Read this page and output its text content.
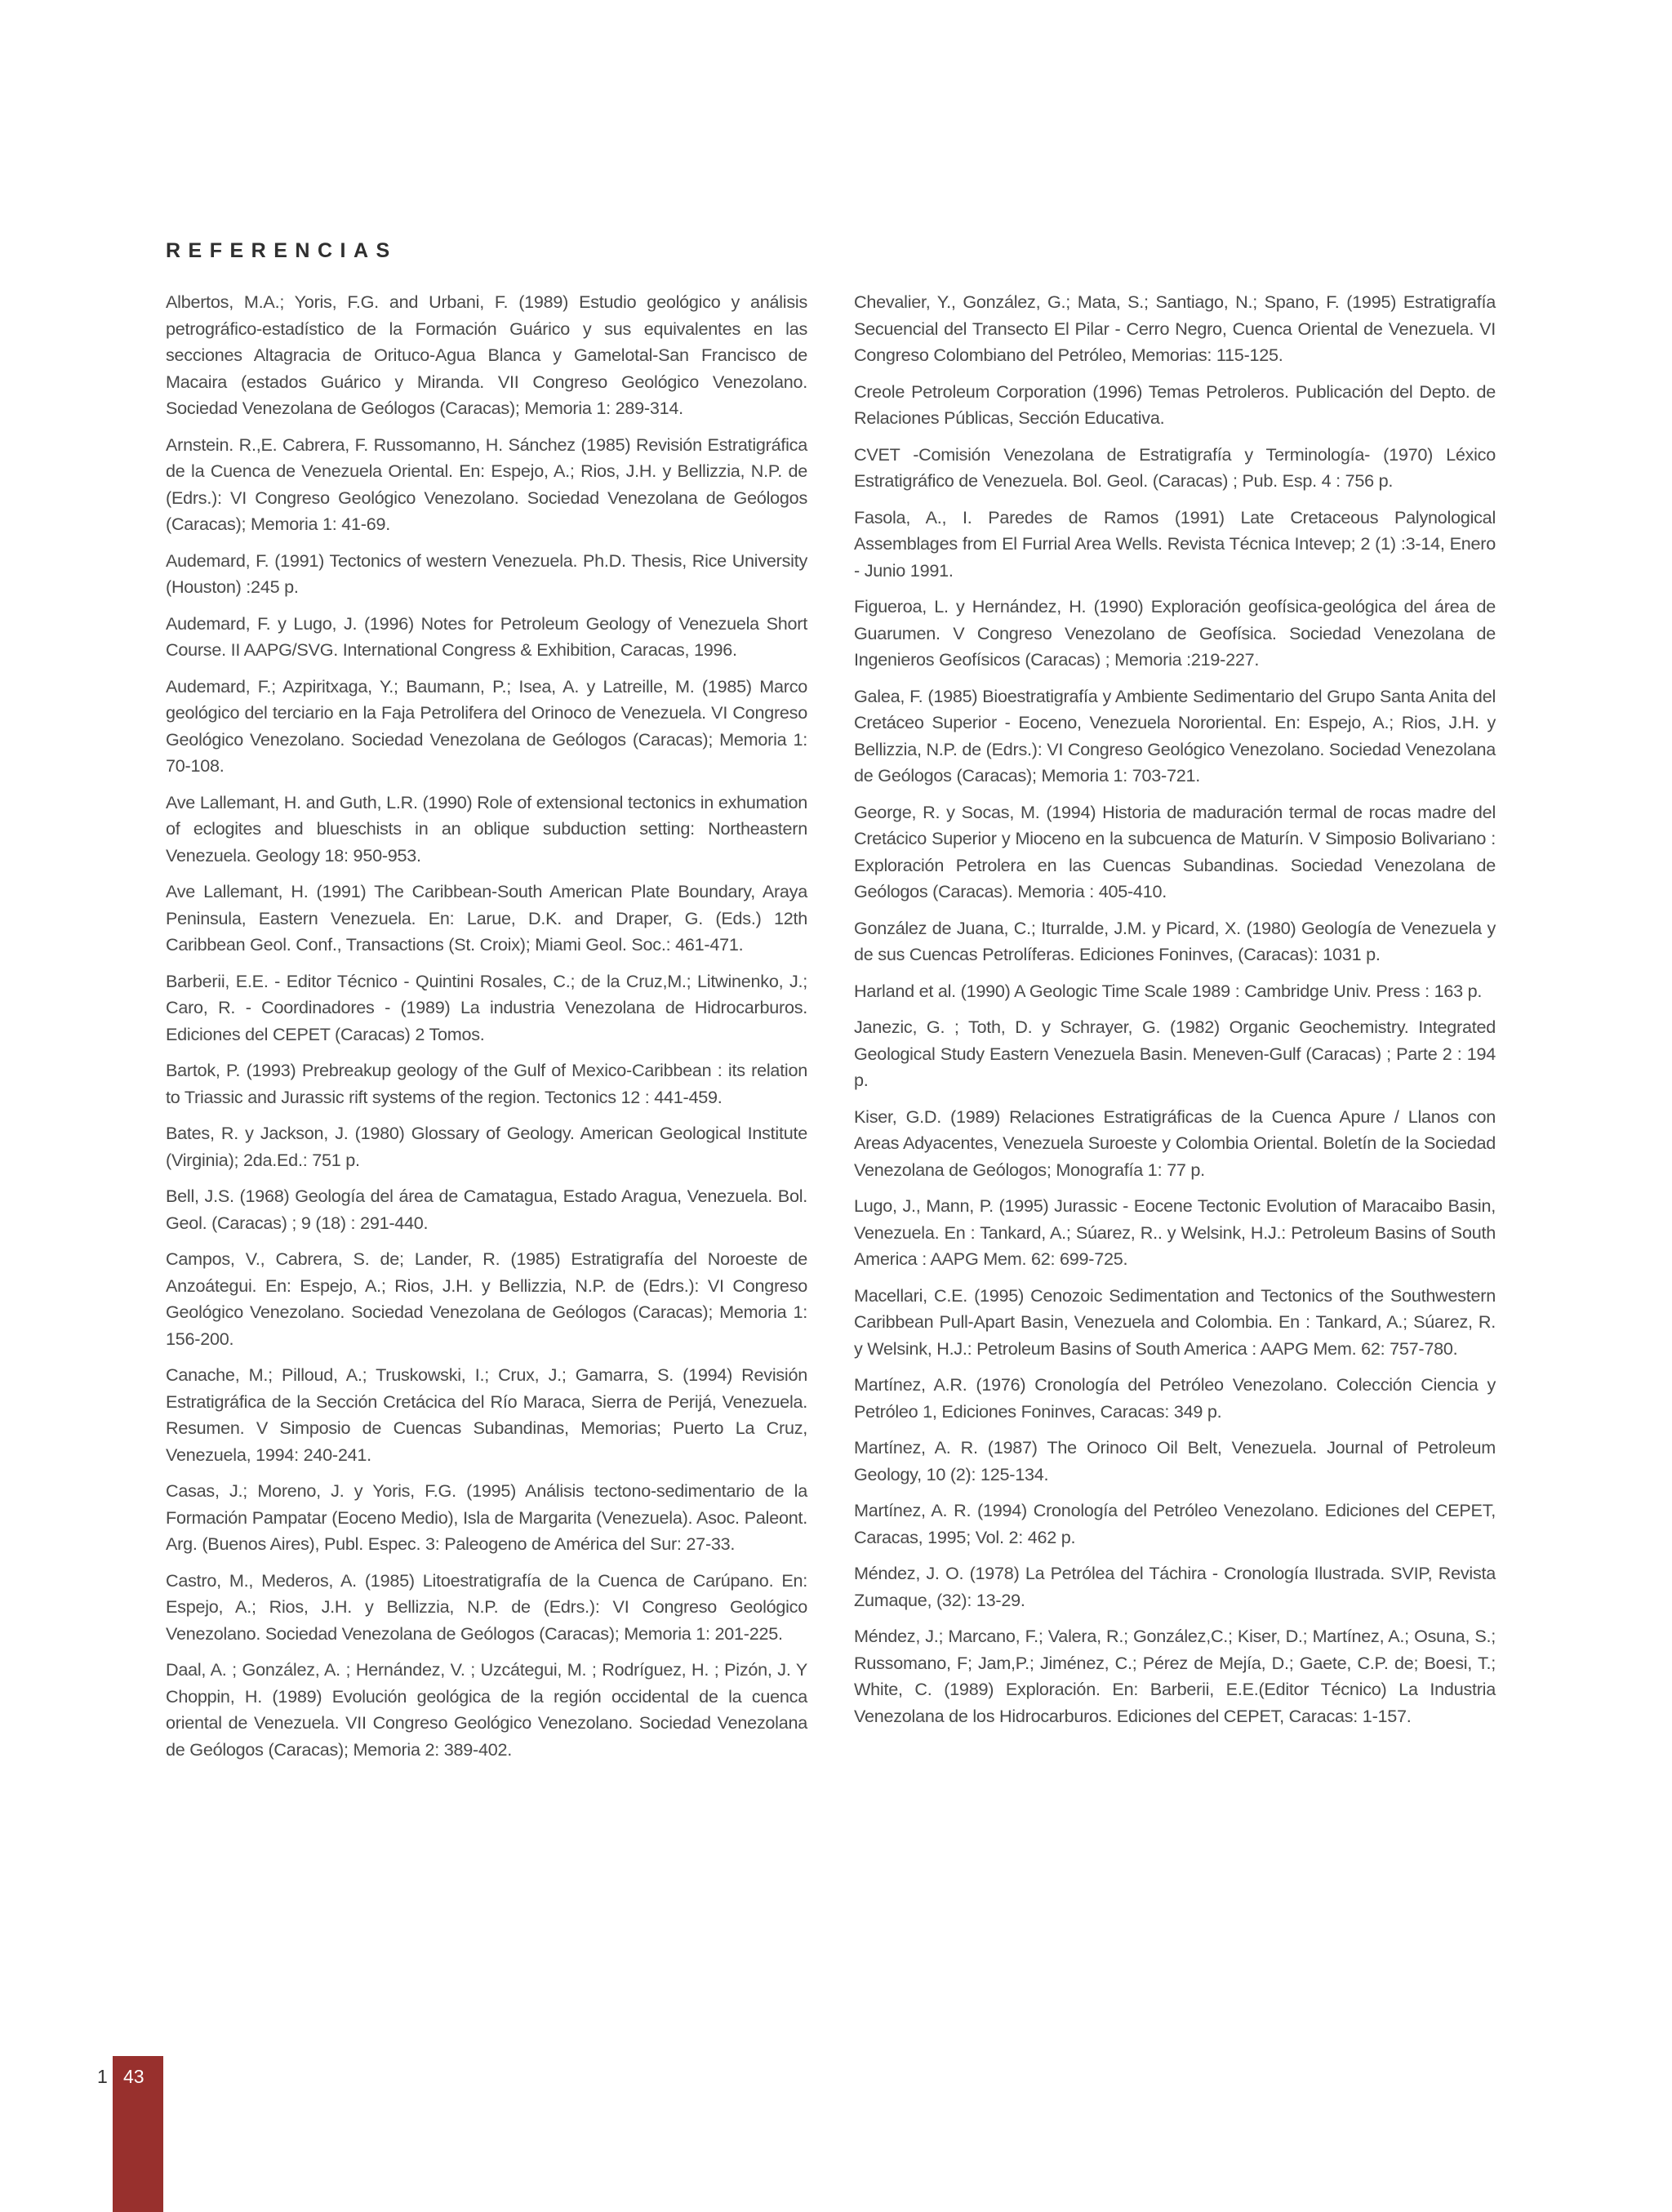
REFERENCIAS

Albertos, M.A.; Yoris, F.G. and Urbani, F. (1989) Estudio geológico y análisis petrográfico-estadístico de la Formación Guárico y sus equivalentes en las secciones Altagracia de Orituco-Agua Blanca y Gamelotal-San Francisco de Macaira (estados Guárico y Miranda. VII Congreso Geológico Venezolano. Sociedad Venezolana de Geólogos (Caracas); Memoria 1: 289-314.

Arnstein. R.,E. Cabrera, F. Russomanno, H. Sánchez (1985) Revisión Estratigráfica de la Cuenca de Venezuela Oriental. En: Espejo, A.; Rios, J.H. y Bellizzia, N.P. de (Edrs.): VI Congreso Geológico Venezolano. Sociedad Venezolana de Geólogos (Caracas); Memoria 1: 41-69.

Audemard, F. (1991) Tectonics of western Venezuela. Ph.D. Thesis, Rice University (Houston) :245 p.

Audemard, F. y Lugo, J. (1996) Notes for Petroleum Geology of Venezuela Short Course. II AAPG/SVG. International Congress & Exhibition, Caracas, 1996.

Audemard, F.; Azpiritxaga, Y.; Baumann, P.; Isea, A. y Latreille, M. (1985) Marco geológico del terciario en la Faja Petrolifera del Orinoco de Venezuela. VI Congreso Geológico Venezolano. Sociedad Venezolana de Geólogos (Caracas); Memoria 1: 70-108.

Ave Lallemant, H. and Guth, L.R. (1990) Role of extensional tectonics in exhumation of eclogites and blueschists in an oblique subduction setting: Northeastern Venezuela. Geology 18: 950-953.

Ave Lallemant, H. (1991) The Caribbean-South American Plate Boundary, Araya Peninsula, Eastern Venezuela. En: Larue, D.K. and Draper, G. (Eds.) 12th Caribbean Geol. Conf., Transactions (St. Croix); Miami Geol. Soc.: 461-471.

Barberii, E.E. - Editor Técnico - Quintini Rosales, C.; de la Cruz,M.; Litwinenko, J.; Caro, R. - Coordinadores - (1989) La industria Venezolana de Hidrocarburos. Ediciones del CEPET (Caracas) 2 Tomos.

Bartok, P. (1993) Prebreakup geology of the Gulf of Mexico-Caribbean : its relation to Triassic and Jurassic rift systems of the region. Tectonics 12 : 441-459.

Bates, R. y Jackson, J. (1980) Glossary of Geology. American Geological Institute (Virginia); 2da.Ed.: 751 p.

Bell, J.S. (1968) Geología del área de Camatagua, Estado Aragua, Venezuela. Bol. Geol. (Caracas) ; 9 (18) : 291-440.

Campos, V., Cabrera, S. de; Lander, R. (1985) Estratigrafía del Noroeste de Anzoátegui. En: Espejo, A.; Rios, J.H. y Bellizzia, N.P. de (Edrs.): VI Congreso Geológico Venezolano. Sociedad Venezolana de Geólogos (Caracas); Memoria 1: 156-200.

Canache, M.; Pilloud, A.; Truskowski, I.; Crux, J.; Gamarra, S. (1994) Revisión Estratigráfica de la Sección Cretácica del Río Maraca, Sierra de Perijá, Venezuela. Resumen. V Simposio de Cuencas Subandinas, Memorias; Puerto La Cruz, Venezuela, 1994: 240-241.

Casas, J.; Moreno, J. y Yoris, F.G. (1995) Análisis tectono-sedimentario de la Formación Pampatar (Eoceno Medio), Isla de Margarita (Venezuela). Asoc. Paleont. Arg. (Buenos Aires), Publ. Espec. 3: Paleogeno de América del Sur: 27-33.

Castro, M., Mederos, A. (1985) Litoestratigrafía de la Cuenca de Carúpano. En: Espejo, A.; Rios, J.H. y Bellizzia, N.P. de (Edrs.): VI Congreso Geológico Venezolano. Sociedad Venezolana de Geólogos (Caracas); Memoria 1: 201-225.

Daal, A. ; González, A. ; Hernández, V. ; Uzcátegui, M. ; Rodríguez, H. ; Pizón, J. Y Choppin, H. (1989) Evolución geológica de la región occidental de la cuenca oriental de Venezuela. VII Congreso Geológico Venezolano. Sociedad Venezolana de Geólogos (Caracas); Memoria 2: 389-402.

Chevalier, Y., González, G.; Mata, S.; Santiago, N.; Spano, F. (1995) Estratigrafía Secuencial del Transecto El Pilar - Cerro Negro, Cuenca Oriental de Venezuela. VI Congreso Colombiano del Petróleo, Memorias: 115-125.

Creole Petroleum Corporation (1996) Temas Petroleros. Publicación del Depto. de Relaciones Públicas, Sección Educativa.

CVET -Comisión Venezolana de Estratigrafía y Terminología- (1970) Léxico Estratigráfico de Venezuela. Bol. Geol. (Caracas) ; Pub. Esp. 4 : 756 p.

Fasola, A., I. Paredes de Ramos (1991) Late Cretaceous Palynological Assemblages from El Furrial Area Wells. Revista Técnica Intevep; 2 (1) :3-14, Enero - Junio 1991.

Figueroa, L. y Hernández, H. (1990) Exploración geofísica-geológica del área de Guarumen. V Congreso Venezolano de Geofísica. Sociedad Venezolana de Ingenieros Geofísicos (Caracas) ; Memoria :219-227.

Galea, F. (1985) Bioestratigrafía y Ambiente Sedimentario del Grupo Santa Anita del Cretáceo Superior - Eoceno, Venezuela Nororiental. En: Espejo, A.; Rios, J.H. y Bellizzia, N.P. de (Edrs.): VI Congreso Geológico Venezolano. Sociedad Venezolana de Geólogos (Caracas); Memoria 1: 703-721.

George, R. y Socas, M. (1994) Historia de maduración termal de rocas madre del Cretácico Superior y Mioceno en la subcuenca de Maturín. V Simposio Bolivariano : Exploración Petrolera en las Cuencas Subandinas. Sociedad Venezolana de Geólogos (Caracas). Memoria : 405-410.

González de Juana, C.; Iturralde, J.M. y Picard, X. (1980) Geología de Venezuela y de sus Cuencas Petrolíferas. Ediciones Foninves, (Caracas): 1031 p.

Harland et al. (1990) A Geologic Time Scale 1989 : Cambridge Univ. Press : 163 p.

Janezic, G. ; Toth, D. y Schrayer, G. (1982) Organic Geochemistry. Integrated Geological Study Eastern Venezuela Basin. Meneven-Gulf (Caracas) ; Parte 2 : 194 p.

Kiser, G.D. (1989) Relaciones Estratigráficas de la Cuenca Apure / Llanos con Areas Adyacentes, Venezuela Suroeste y Colombia Oriental. Boletín de la Sociedad Venezolana de Geólogos; Monografía 1: 77 p.

Lugo, J., Mann, P. (1995) Jurassic - Eocene Tectonic Evolution of Maracaibo Basin, Venezuela. En : Tankard, A.; Súarez, R.. y Welsink, H.J.: Petroleum Basins of South America : AAPG Mem. 62: 699-725.

Macellari, C.E. (1995) Cenozoic Sedimentation and Tectonics of the Southwestern Caribbean Pull-Apart Basin, Venezuela and Colombia. En : Tankard, A.; Súarez, R. y Welsink, H.J.: Petroleum Basins of South America : AAPG Mem. 62: 757-780.

Martínez, A.R. (1976) Cronología del Petróleo Venezolano. Colección Ciencia y Petróleo 1, Ediciones Foninves, Caracas: 349 p.

Martínez, A. R. (1987) The Orinoco Oil Belt, Venezuela. Journal of Petroleum Geology, 10 (2): 125-134.

Martínez, A. R. (1994) Cronología del Petróleo Venezolano. Ediciones del CEPET, Caracas, 1995; Vol. 2: 462 p.

Méndez, J. O. (1978) La Petrólea del Táchira - Cronología Ilustrada. SVIP, Revista Zumaque, (32): 13-29.

Méndez, J.; Marcano, F.; Valera, R.; González,C.; Kiser, D.; Martínez, A.; Osuna, S.; Russomano, F; Jam,P.; Jiménez, C.; Pérez de Mejía, D.; Gaete, C.P. de; Boesi, T.; White, C. (1989) Exploración. En: Barberii, E.E.(Editor Técnico) La Industria Venezolana de los Hidrocarburos. Ediciones del CEPET, Caracas: 1-157.

1 43
